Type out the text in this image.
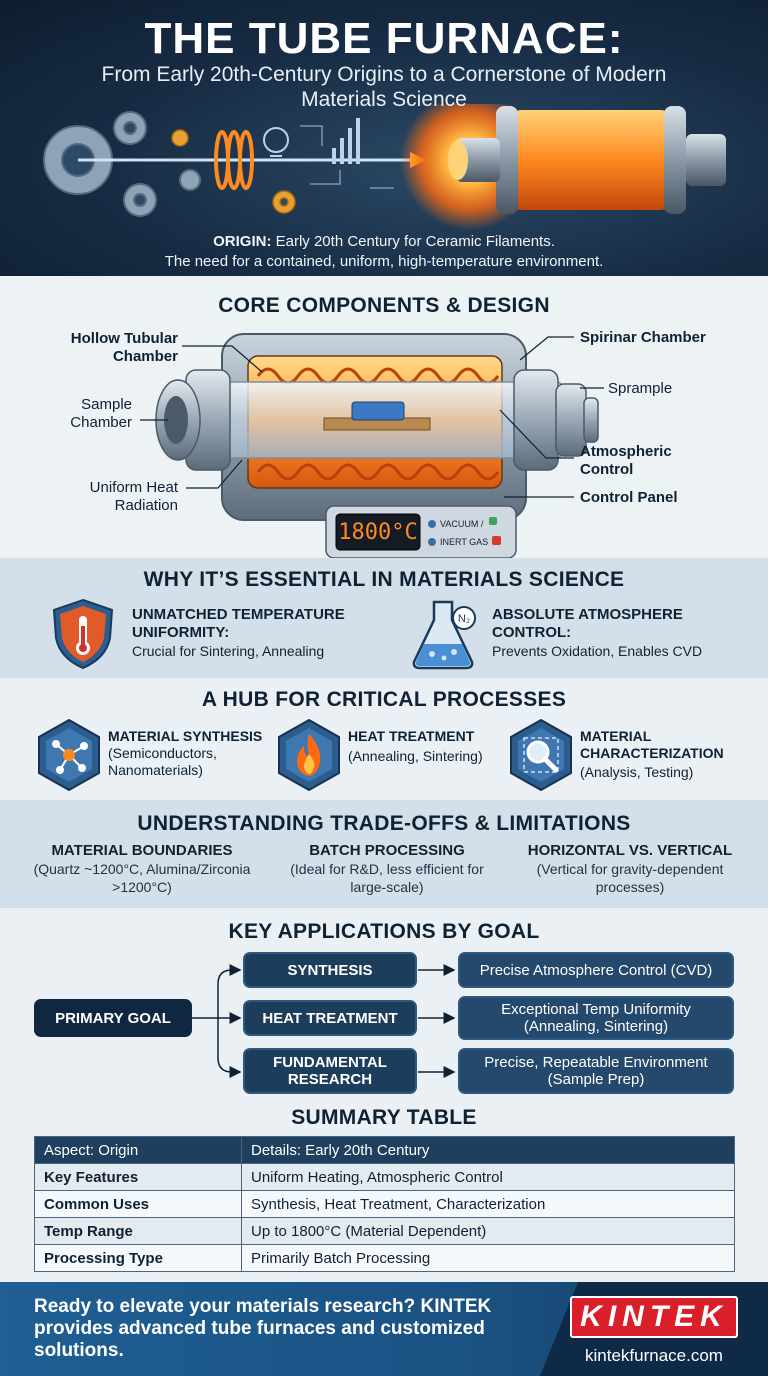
THE TUBE FURNACE:
From Early 20th-Century Origins to a Cornerstone of Modern Materials Science
ORIGIN: Early 20th Century for Ceramic Filaments.
The need for a contained, uniform, high-temperature environment.
CORE COMPONENTS & DESIGN
Hollow Tubular Chamber
Sample Chamber
Uniform Heat Radiation
Spirinar Chamber
Sprample
Atmospheric Control
Control Panel
1800°C VACUUM /
INERT GAS
WHY IT’S ESSENTIAL IN MATERIALS SCIENCE
UNMATCHED TEMPERATURE UNIFORMITY:
Crucial for Sintering, Annealing
N₂ ABSOLUTE ATMOSPHERE CONTROL:
Prevents Oxidation, Enables CVD
A HUB FOR CRITICAL PROCESSES
MATERIAL SYNTHESIS
(Semiconductors, Nanomaterials)
HEAT TREATMENT
(Annealing, Sintering)
MATERIAL CHARACTERIZATION
(Analysis, Testing)
UNDERSTANDING TRADE-OFFS & LIMITATIONS
MATERIAL BOUNDARIES
(Quartz ~1200°C, Alumina/Zirconia >1200°C)
BATCH PROCESSING
(Ideal for R&D, less efficient for large-scale)
HORIZONTAL VS. VERTICAL
(Vertical for gravity-dependent processes)
KEY APPLICATIONS BY GOAL
PRIMARY GOAL
SYNTHESIS
HEAT TREATMENT
FUNDAMENTAL RESEARCH
Precise Atmosphere Control (CVD)
Exceptional Temp Uniformity (Annealing, Sintering)
Precise, Repeatable Environment (Sample Prep)
SUMMARY TABLE
Aspect: Origin	Details: Early 20th Century
Key Features	Uniform Heating, Atmospheric Control
Common Uses	Synthesis, Heat Treatment, Characterization
Temp Range	Up to 1800°C (Material Dependent)
Processing Type	Primarily Batch Processing
Ready to elevate your materials research? KINTEK provides advanced tube furnaces and customized solutions.
KINTEK
kintekfurnace.com
